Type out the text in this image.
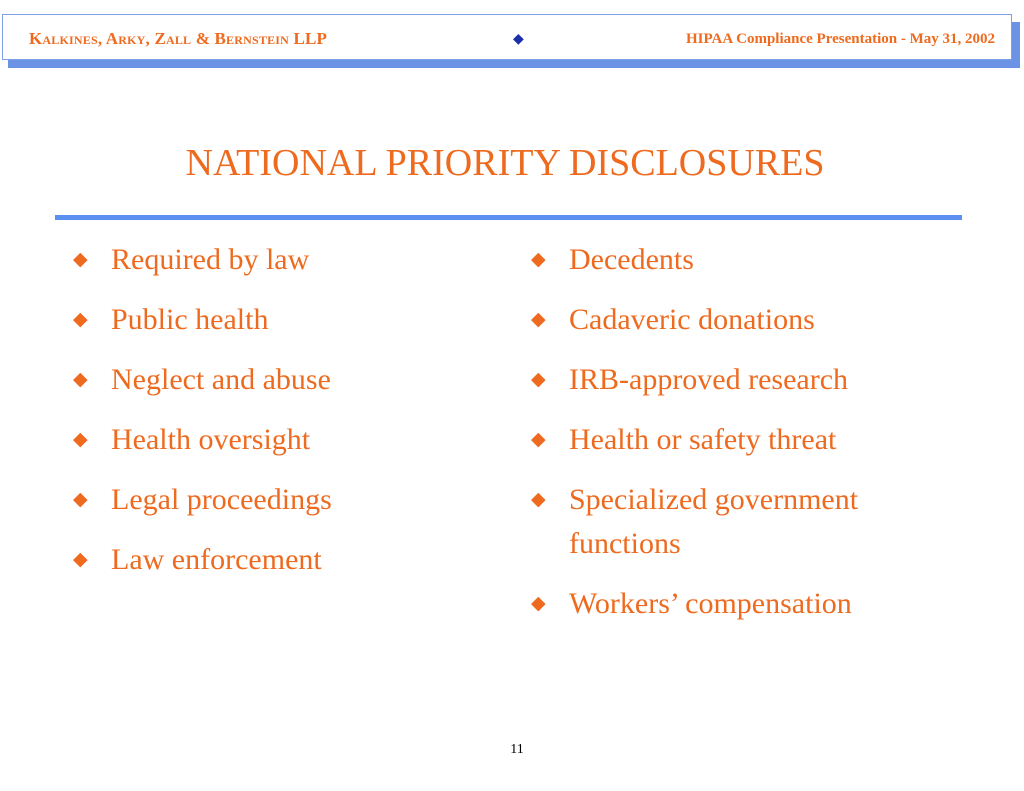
Kalkines, Arky, Zall & Bernstein LLP	◆	HIPAA Compliance Presentation - May 31, 2002
NATIONAL PRIORITY DISCLOSURES
◆ Required by law
◆ Public health
◆ Neglect and abuse
◆ Health oversight
◆ Legal proceedings
◆ Law enforcement
◆ Decedents
◆ Cadaveric donations
◆ IRB-approved research
◆ Health or safety threat
◆ Specialized government functions
◆ Workers’ compensation
11
